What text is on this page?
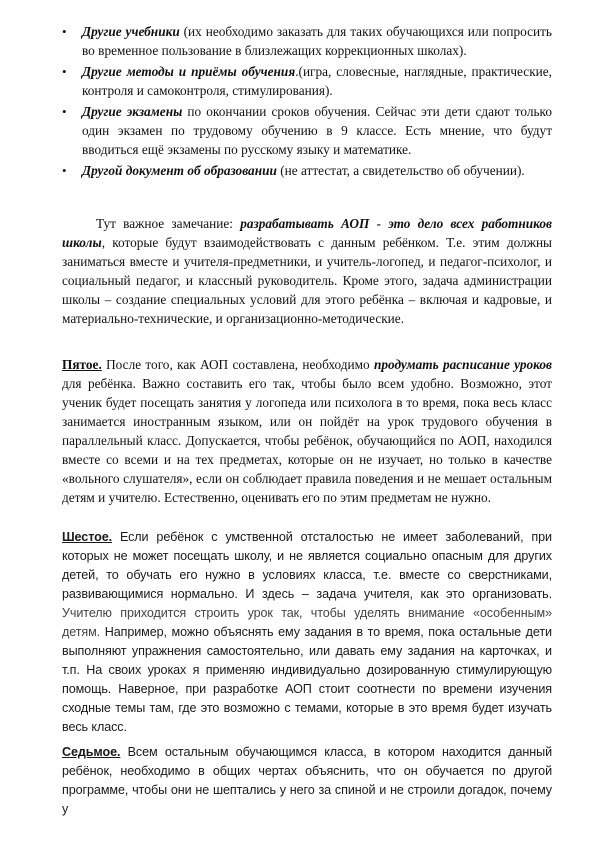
• Другие учебники (их необходимо заказать для таких обучающихся или попросить во временное пользование в близлежащих коррекционных школах).
• Другие методы и приёмы обучения.(игра, словесные, наглядные, практические, контроля и самоконтроля, стимулирования).
• Другие экзамены по окончании сроков обучения. Сейчас эти дети сдают только один экзамен по трудовому обучению в 9 классе. Есть мнение, что будут вводиться ещё экзамены по русскому языку и математике.
• Другой документ об образовании (не аттестат, а свидетельство об обучении).

Тут важное замечание: разрабатывать АОП - это дело всех работников школы, которые будут взаимодействовать с данным ребёнком. Т.е. этим должны заниматься вместе и учителя-предметники, и учитель-логопед, и педагог-психолог, и социальный педагог, и классный руководитель. Кроме этого, задача администрации школы – создание специальных условий для этого ребёнка – включая и кадровые, и материально-технические, и организационно-методические.

Пятое. После того, как АОП составлена, необходимо продумать расписание уроков для ребёнка. Важно составить его так, чтобы было всем удобно. Возможно, этот ученик будет посещать занятия у логопеда или психолога в то время, пока весь класс занимается иностранным языком, или он пойдёт на урок трудового обучения в параллельный класс. Допускается, чтобы ребёнок, обучающийся по АОП, находился вместе со всеми и на тех предметах, которые он не изучает, но только в качестве «вольного слушателя», если он соблюдает правила поведения и не мешает остальным детям и учителю. Естественно, оценивать его по этим предметам не нужно.

Шестое. Если ребёнок с умственной отсталостью не имеет заболеваний, при которых не может посещать школу, и не является социально опасным для других детей, то обучать его нужно в условиях класса, т.е. вместе со сверстниками, развивающимися нормально. И здесь – задача учителя, как это организовать. Учителю приходится строить урок так, чтобы уделять внимание «особенным» детям. Например, можно объяснять ему задания в то время, пока остальные дети выполняют упражнения самостоятельно, или давать ему задания на карточках, и т.п. На своих уроках я применяю индивидуально дозированную стимулирующую помощь. Наверное, при разработке АОП стоит соотнести по времени изучения сходные темы там, где это возможно с темами, которые в это время будет изучать весь класс.

Седьмое. Всем остальным обучающимся класса, в котором находится данный ребёнок, необходимо в общих чертах объяснить, что он обучается по другой программе, чтобы они не шептались у него за спиной и не строили догадок, почему у
